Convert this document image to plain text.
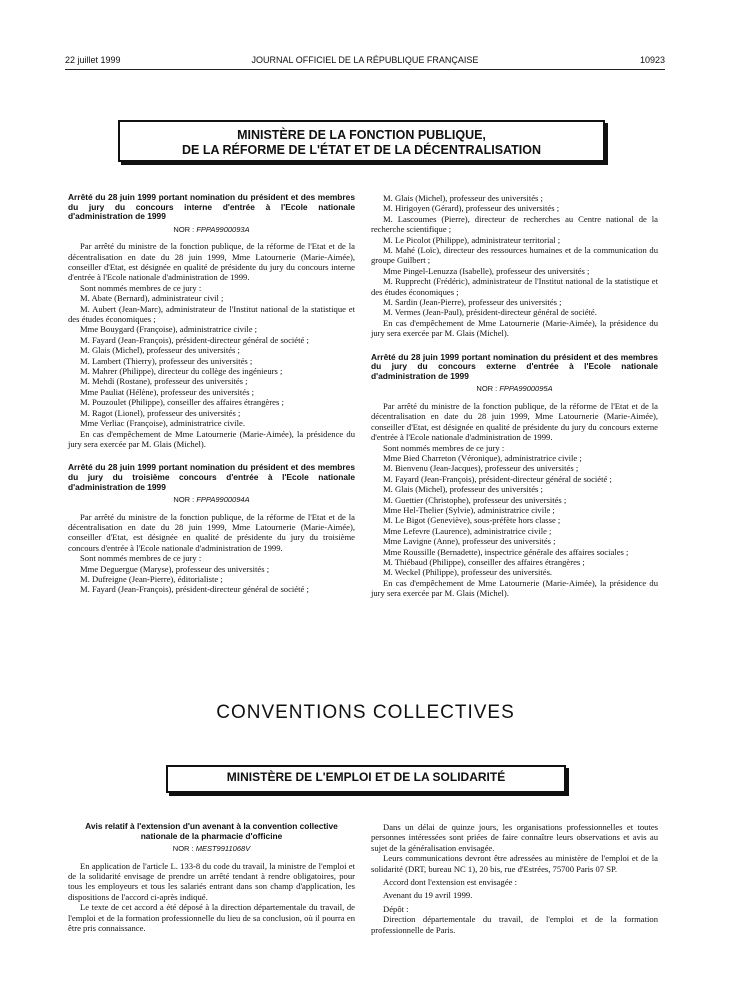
22 juillet 1999	JOURNAL OFFICIEL DE LA RÉPUBLIQUE FRANÇAISE	10923
MINISTÈRE DE LA FONCTION PUBLIQUE,
DE LA RÉFORME DE L'ÉTAT ET DE LA DÉCENTRALISATION

Arrêté du 28 juin 1999 portant nomination du président et des membres du jury du concours interne d'entrée à l'Ecole nationale d'administration de 1999

NOR : FPPA9900093A

Par arrêté du ministre de la fonction publique, de la réforme de l'Etat et de la décentralisation en date du 28 juin 1999, Mme Latournerie (Marie-Aimée), conseiller d'Etat, est désignée en qualité de présidente du jury du concours interne d'entrée à l'Ecole nationale d'administration de 1999.

Sont nommés membres de ce jury :

M. Abate (Bernard), administrateur civil ;

M. Aubert (Jean-Marc), administrateur de l'Institut national de la statistique et des études économiques ;

Mme Bouygard (Françoise), administratrice civile ;

M. Fayard (Jean-François), président-directeur général de société ;

M. Glais (Michel), professeur des universités ;

M. Lambert (Thierry), professeur des universités ;

M. Mahrer (Philippe), directeur du collège des ingénieurs ;

M. Mehdi (Rostane), professeur des universités ;

Mme Pauliat (Hélène), professeur des universités ;

M. Pouzoulet (Philippe), conseiller des affaires étrangères ;

M. Ragot (Lionel), professeur des universités ;

Mme Verliac (Françoise), administratrice civile.

En cas d'empêchement de Mme Latournerie (Marie-Aimée), la présidence du jury sera exercée par M. Glais (Michel).

Arrêté du 28 juin 1999 portant nomination du président et des membres du jury du troisième concours d'entrée à l'Ecole nationale d'administration de 1999

NOR : FPPA9900094A

Par arrêté du ministre de la fonction publique, de la réforme de l'Etat et de la décentralisation en date du 28 juin 1999, Mme Latournerie (Marie-Aimée), conseiller d'Etat, est désignée en qualité de présidente du jury du troisième concours d'entrée à l'Ecole nationale d'administration de 1999.

Sont nommés membres de ce jury :

Mme Deguergue (Maryse), professeur des universités ;

M. Dufreigne (Jean-Pierre), éditorialiste ;

M. Fayard (Jean-François), président-directeur général de société ;

M. Glais (Michel), professeur des universités ;

M. Hirigoyen (Gérard), professeur des universités ;

M. Lascoumes (Pierre), directeur de recherches au Centre national de la recherche scientifique ;

M. Le Picolot (Philippe), administrateur territorial ;

M. Mahé (Loïc), directeur des ressources humaines et de la communication du groupe Guilbert ;

Mme Pingel-Lenuzza (Isabelle), professeur des universités ;

M. Rupprecht (Frédéric), administrateur de l'Institut national de la statistique et des études économiques ;

M. Sardin (Jean-Pierre), professeur des universités ;

M. Vermes (Jean-Paul), président-directeur général de société.

En cas d'empêchement de Mme Latournerie (Marie-Aimée), la présidence du jury sera exercée par M. Glais (Michel).

Arrêté du 28 juin 1999 portant nomination du président et des membres du jury du concours externe d'entrée à l'Ecole nationale d'administration de 1999

NOR : FPPA9900095A

Par arrêté du ministre de la fonction publique, de la réforme de l'Etat et de la décentralisation en date du 28 juin 1999, Mme Latournerie (Marie-Aimée), conseiller d'Etat, est désignée en qualité de présidente du jury du concours externe d'entrée à l'Ecole nationale d'administration de 1999.

Sont nommés membres de ce jury :

Mme Bied Charreton (Véronique), administratrice civile ;

M. Bienvenu (Jean-Jacques), professeur des universités ;

M. Fayard (Jean-François), président-directeur général de société ;

M. Glais (Michel), professeur des universités ;

M. Guettier (Christophe), professeur des universités ;

Mme Hel-Thelier (Sylvie), administratrice civile ;

M. Le Bigot (Geneviève), sous-préfète hors classe ;

Mme Lefevre (Laurence), administratrice civile ;

Mme Lavigne (Anne), professeur des universités ;

Mme Roussille (Bernadette), inspectrice générale des affaires sociales ;

M. Thiébaud (Philippe), conseiller des affaires étrangères ;

M. Weckel (Philippe), professeur des universités.

En cas d'empêchement de Mme Latournerie (Marie-Aimée), la présidence du jury sera exercée par M. Glais (Michel).

CONVENTIONS COLLECTIVES
MINISTÈRE DE L'EMPLOI ET DE LA SOLIDARITÉ

Avis relatif à l'extension d'un avenant à la convention collective nationale de la pharmacie d'officine

NOR : MEST9911068V

En application de l'article L. 133-8 du code du travail, la ministre de l'emploi et de la solidarité envisage de prendre un arrêté tendant à rendre obligatoires, pour tous les employeurs et tous les salariés entrant dans son champ d'application, les dispositions de l'accord ci-après indiqué.

Le texte de cet accord a été déposé à la direction départementale du travail, de l'emploi et de la formation professionnelle du lieu de sa conclusion, où il pourra en être pris connaissance.

Dans un délai de quinze jours, les organisations professionnelles et toutes personnes intéressées sont priées de faire connaître leurs observations et avis au sujet de la généralisation envisagée.

Leurs communications devront être adressées au ministère de l'emploi et de la solidarité (DRT, bureau NC 1), 20 bis, rue d'Estrées, 75700 Paris 07 SP.

Accord dont l'extension est envisagée :

Avenant du 19 avril 1999.

Dépôt :

Direction départementale du travail, de l'emploi et de la formation professionnelle de Paris.
